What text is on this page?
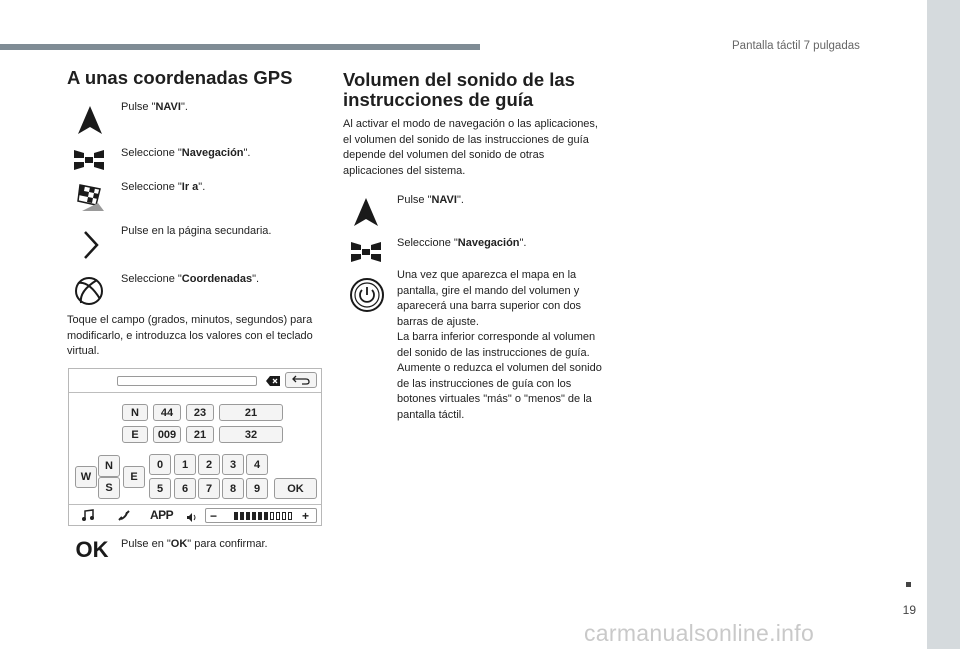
Pantalla táctil 7 pulgadas
19
carmanualsonline.info
A unas coordenadas GPS
Pulse "NAVI".
Seleccione "Navegación".
Seleccione "Ir a".
Pulse en la página secundaria.
Seleccione "Coordenadas".
Toque el campo (grados, minutos, segundos) para modificarlo, e introduzca los valores con el teclado virtual.
N	44	23	21
E	009	21	32
N
W	E
S
0	1	2	3	4
5	6	7	8	9	OK
APP	−	+
OK Pulse en "OK" para confirmar.
Volumen del sonido de las instrucciones de guía
Al activar el modo de navegación o las aplicaciones, el volumen del sonido de las instrucciones de guía depende del volumen del sonido de otras aplicaciones del sistema.
Pulse "NAVI".
Seleccione "Navegación".
Una vez que aparezca el mapa en la pantalla, gire el mando del volumen y aparecerá una barra superior con dos barras de ajuste.
La barra inferior corresponde al volumen del sonido de las instrucciones de guía.
Aumente o reduzca el volumen del sonido de las instrucciones de guía con los botones virtuales "más" o "menos" de la pantalla táctil.
